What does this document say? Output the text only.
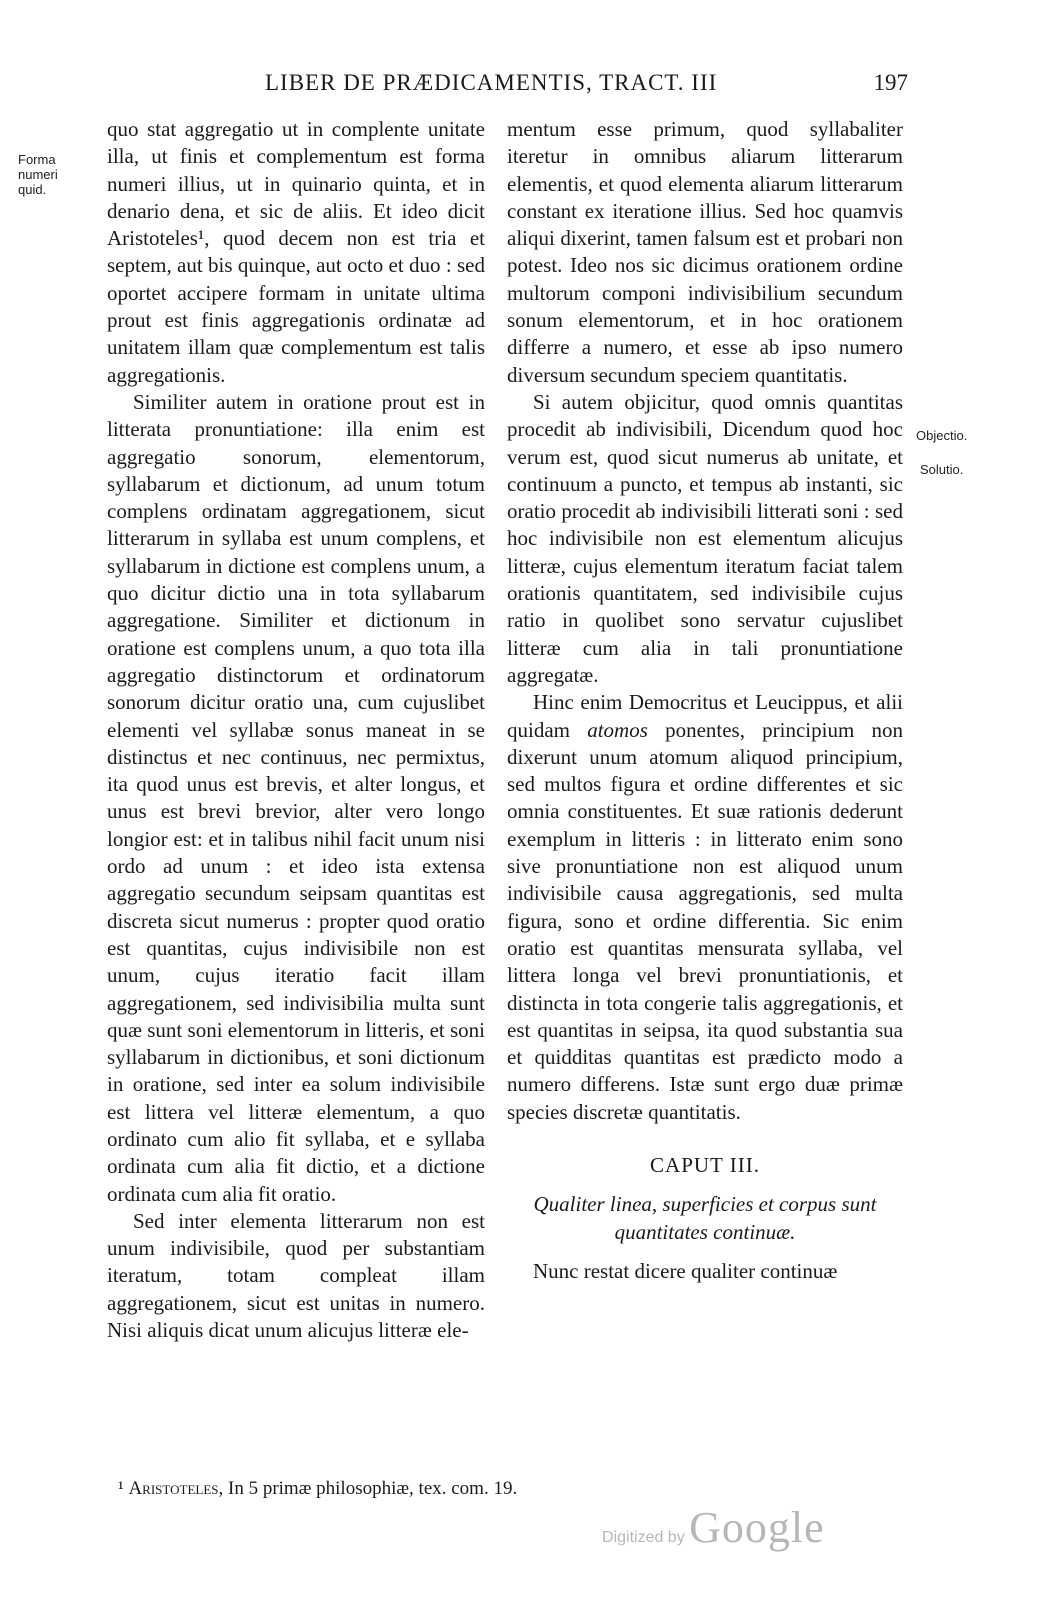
LIBER DE PRÆDICAMENTIS, TRACT. III	197
Forma numeri quid.
Objectio.
Solutio.

quo stat aggregatio ut in complente unitate illa, ut finis et complementum est forma numeri illius, ut in quinario quinta, et in denario dena, et sic de aliis. Et ideo dicit Aristoteles¹, quod decem non est tria et septem, aut bis quinque, aut octo et duo : sed oportet accipere formam in unitate ultima prout est finis aggregationis ordinatæ ad unitatem illam quæ complementum est talis aggregationis.

Similiter autem in oratione prout est in litterata pronuntiatione: illa enim est aggregatio sonorum, elementorum, syllabarum et dictionum, ad unum totum complens ordinatam aggregationem, sicut litterarum in syllaba est unum complens, et syllabarum in dictione est complens unum, a quo dicitur dictio una in tota syllabarum aggregatione. Similiter et dictionum in oratione est complens unum, a quo tota illa aggregatio distinctorum et ordinatorum sonorum dicitur oratio una, cum cujuslibet elementi vel syllabæ sonus maneat in se distinctus et nec continuus, nec permixtus, ita quod unus est brevis, et alter longus, et unus est brevi brevior, alter vero longo longior est: et in talibus nihil facit unum nisi ordo ad unum : et ideo ista extensa aggregatio secundum seipsam quantitas est discreta sicut numerus : propter quod oratio est quantitas, cujus indivisibile non est unum, cujus iteratio facit illam aggregationem, sed indivisibilia multa sunt quæ sunt soni elementorum in litteris, et soni syllabarum in dictionibus, et soni dictionum in oratione, sed inter ea solum indivisibile est littera vel litteræ elementum, a quo ordinato cum alio fit syllaba, et e syllaba ordinata cum alia fit dictio, et a dictione ordinata cum alia fit oratio.

Sed inter elementa litterarum non est unum indivisibile, quod per substantiam iteratum, totam compleat illam aggregationem, sicut est unitas in numero. Nisi aliquis dicat unum alicujus litteræ ele-

mentum esse primum, quod syllabaliter iteretur in omnibus aliarum litterarum elementis, et quod elementa aliarum litterarum constant ex iteratione illius. Sed hoc quamvis aliqui dixerint, tamen falsum est et probari non potest. Ideo nos sic dicimus orationem ordine multorum componi indivisibilium secundum sonum elementorum, et in hoc orationem differre a numero, et esse ab ipso numero diversum secundum speciem quantitatis.

Si autem objicitur, quod omnis quantitas procedit ab indivisibili, Dicendum quod hoc verum est, quod sicut numerus ab unitate, et continuum a puncto, et tempus ab instanti, sic oratio procedit ab indivisibili litterati soni : sed hoc indivisibile non est elementum alicujus litteræ, cujus elementum iteratum faciat talem orationis quantitatem, sed indivisibile cujus ratio in quolibet sono servatur cujuslibet litteræ cum alia in tali pronuntiatione aggregatæ.

Hinc enim Democritus et Leucippus, et alii quidam atomos ponentes, principium non dixerunt unum atomum aliquod principium, sed multos figura et ordine differentes et sic omnia constituentes. Et suæ rationis dederunt exemplum in litteris : in litterato enim sono sive pronuntiatione non est aliquod unum indivisibile causa aggregationis, sed multa figura, sono et ordine differentia. Sic enim oratio est quantitas mensurata syllaba, vel littera longa vel brevi pronuntiationis, et distincta in tota congerie talis aggregationis, et est quantitas in seipsa, ita quod substantia sua et quidditas quantitas est prædicto modo a numero differens. Istæ sunt ergo duæ primæ species discretæ quantitatis.

CAPUT III.

Qualiter linea, superficies et corpus sunt quantitates continuæ.

Nunc restat dicere qualiter continuæ

¹ Aristoteles, In 5 primæ philosophiæ, tex. com. 19.
Digitized by Google
